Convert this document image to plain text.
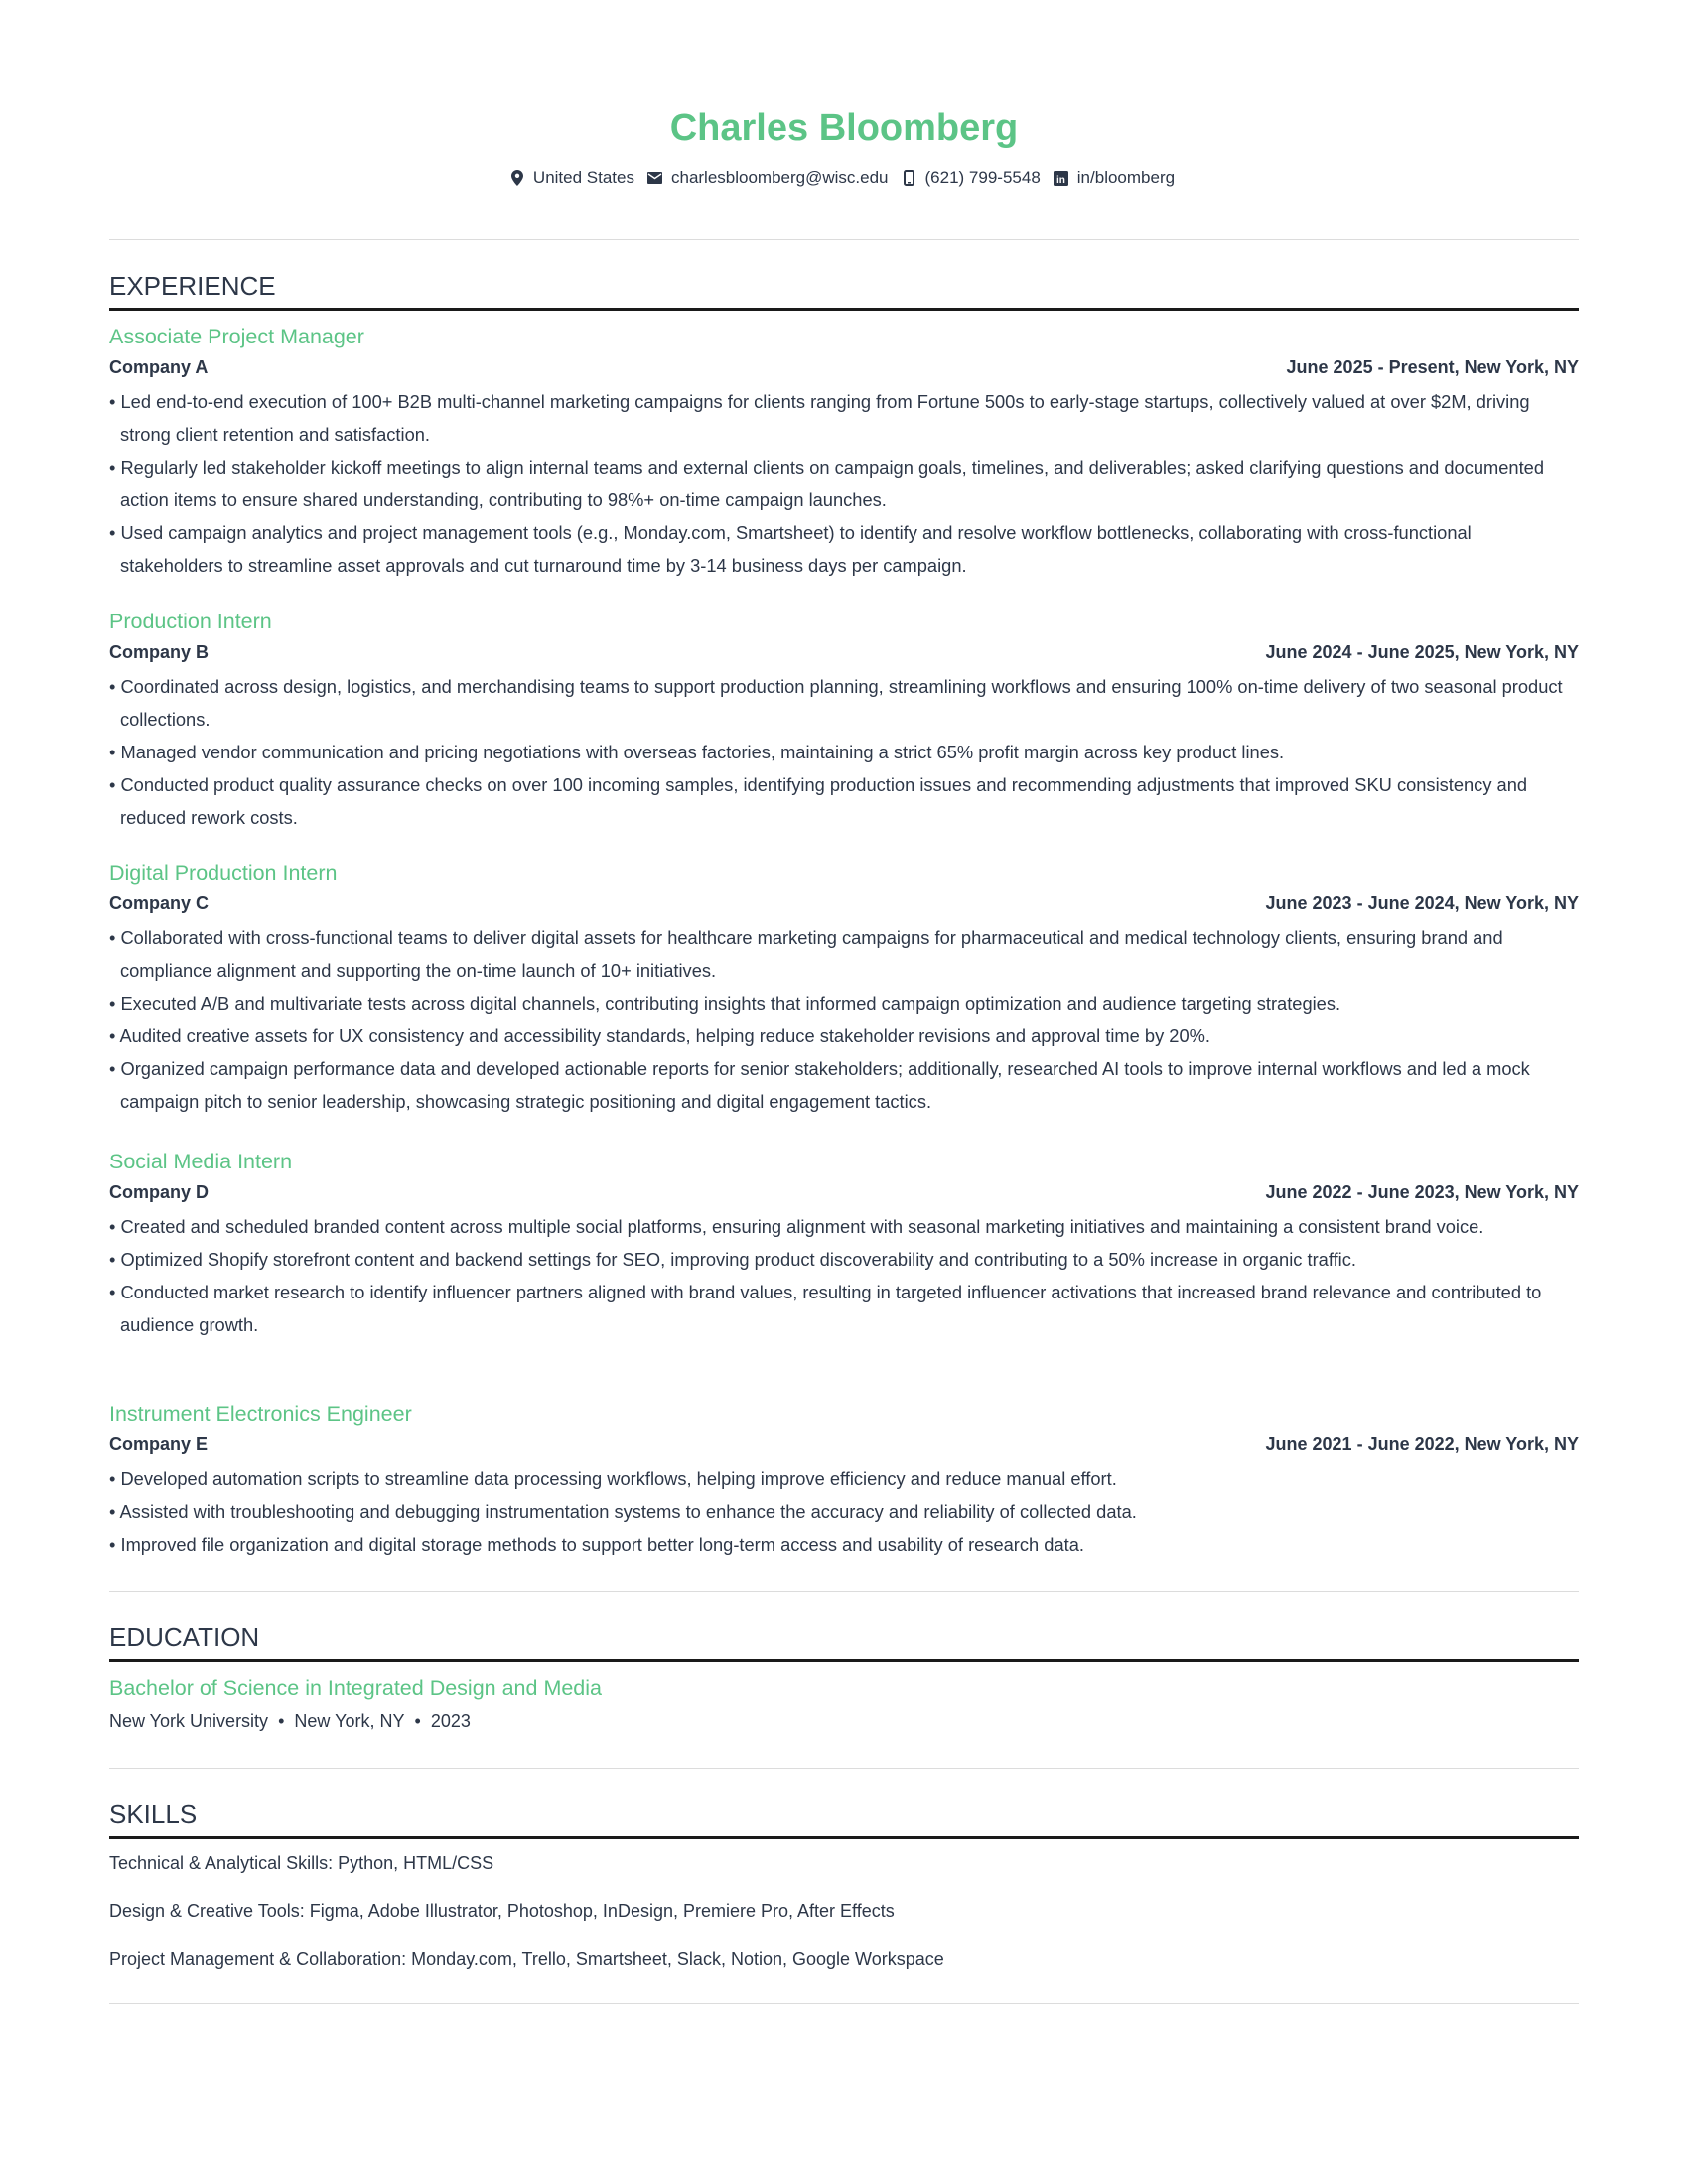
Charles Bloomberg
United States charlesbloomberg@wisc.edu (621) 799-5548 in in/bloomberg
EXPERIENCE
Associate Project Manager
Company A	June 2025 - Present, New York, NY
• Led end-to-end execution of 100+ B2B multi-channel marketing campaigns for clients ranging from Fortune 500s to early-stage startups, collectively valued at over $2M, driving strong client retention and satisfaction.
• Regularly led stakeholder kickoff meetings to align internal teams and external clients on campaign goals, timelines, and deliverables; asked clarifying questions and documented action items to ensure shared understanding, contributing to 98%+ on-time campaign launches.
• Used campaign analytics and project management tools (e.g., Monday.com, Smartsheet) to identify and resolve workflow bottlenecks, collaborating with cross-functional stakeholders to streamline asset approvals and cut turnaround time by 3-14 business days per campaign.
Production Intern
Company B	June 2024 - June 2025, New York, NY
• Coordinated across design, logistics, and merchandising teams to support production planning, streamlining workflows and ensuring 100% on-time delivery of two seasonal product collections.
• Managed vendor communication and pricing negotiations with overseas factories, maintaining a strict 65% profit margin across key product lines.
• Conducted product quality assurance checks on over 100 incoming samples, identifying production issues and recommending adjustments that improved SKU consistency and reduced rework costs.
Digital Production Intern
Company C	June 2023 - June 2024, New York, NY
• Collaborated with cross-functional teams to deliver digital assets for healthcare marketing campaigns for pharmaceutical and medical technology clients, ensuring brand and compliance alignment and supporting the on-time launch of 10+ initiatives.
• Executed A/B and multivariate tests across digital channels, contributing insights that informed campaign optimization and audience targeting strategies.
• Audited creative assets for UX consistency and accessibility standards, helping reduce stakeholder revisions and approval time by 20%.
• Organized campaign performance data and developed actionable reports for senior stakeholders; additionally, researched AI tools to improve internal workflows and led a mock campaign pitch to senior leadership, showcasing strategic positioning and digital engagement tactics.
Social Media Intern
Company D	June 2022 - June 2023, New York, NY
• Created and scheduled branded content across multiple social platforms, ensuring alignment with seasonal marketing initiatives and maintaining a consistent brand voice.
• Optimized Shopify storefront content and backend settings for SEO, improving product discoverability and contributing to a 50% increase in organic traffic.
• Conducted market research to identify influencer partners aligned with brand values, resulting in targeted influencer activations that increased brand relevance and contributed to audience growth.
Instrument Electronics Engineer
Company E	June 2021 - June 2022, New York, NY
• Developed automation scripts to streamline data processing workflows, helping improve efficiency and reduce manual effort.
• Assisted with troubleshooting and debugging instrumentation systems to enhance the accuracy and reliability of collected data.
• Improved file organization and digital storage methods to support better long-term access and usability of research data.
EDUCATION
Bachelor of Science in Integrated Design and Media
New York University • New York, NY • 2023
SKILLS
Technical & Analytical Skills: Python, HTML/CSS
Design & Creative Tools: Figma, Adobe Illustrator, Photoshop, InDesign, Premiere Pro, After Effects
Project Management & Collaboration: Monday.com, Trello, Smartsheet, Slack, Notion, Google Workspace
